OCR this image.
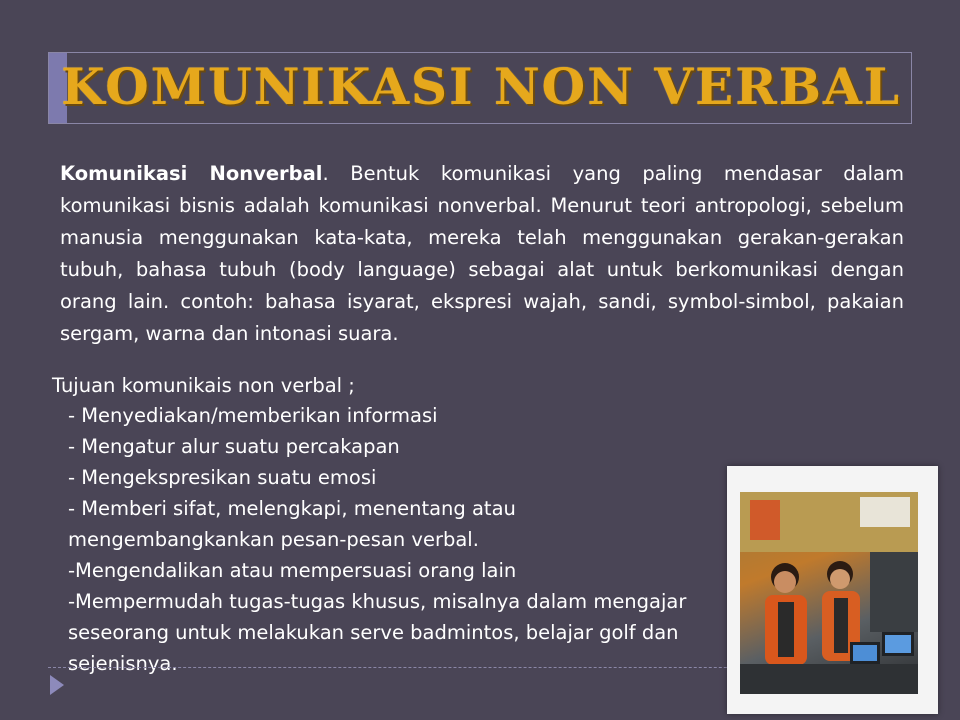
KOMUNIKASI NON VERBAL
Komunikasi Nonverbal. Bentuk komunikasi yang paling mendasar dalam komunikasi bisnis adalah komunikasi nonverbal. Menurut teori antropologi, sebelum manusia menggunakan kata-kata, mereka telah menggunakan gerakan-gerakan tubuh, bahasa tubuh (body language) sebagai alat untuk berkomunikasi dengan orang lain. contoh: bahasa isyarat, ekspresi wajah, sandi, symbol-simbol, pakaian sergam, warna dan intonasi suara.
Tujuan komunikais non verbal ;
- Menyediakan/memberikan informasi
- Mengatur alur suatu percakapan
- Mengekspresikan suatu emosi
- Memberi sifat, melengkapi, menentang atau mengembangkankan pesan-pesan verbal.
-Mengendalikan atau mempersuasi orang lain
-Mempermudah tugas-tugas khusus, misalnya dalam mengajar seseorang untuk melakukan serve badmintos, belajar golf dan sejenisnya.
